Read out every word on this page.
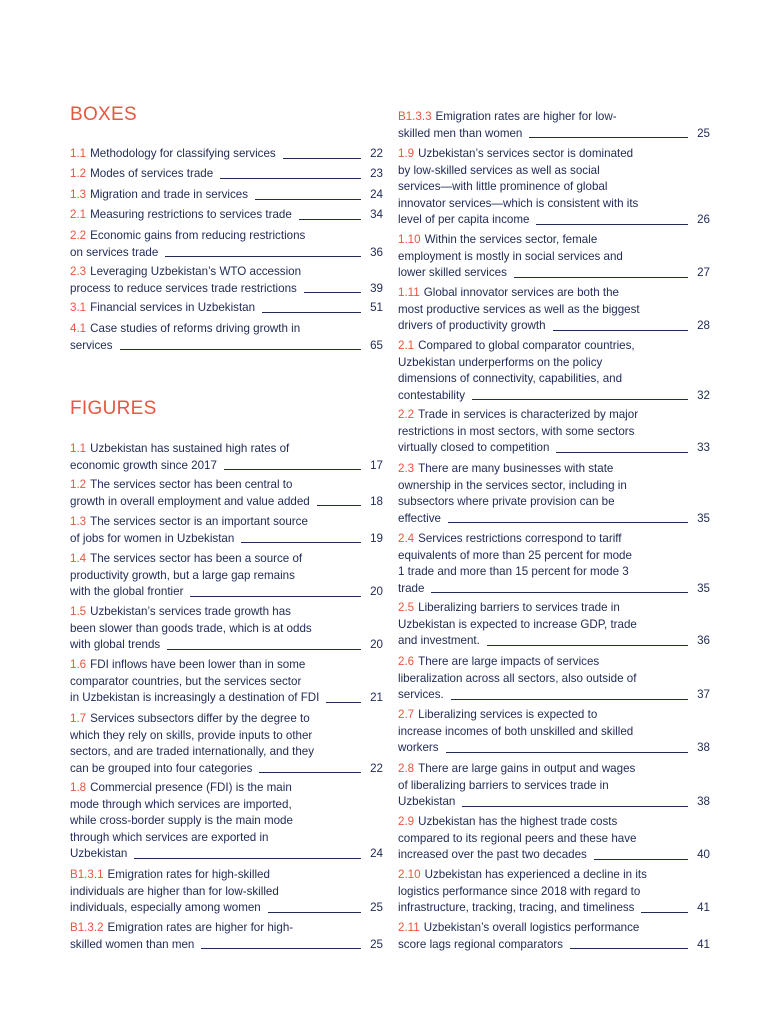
BOXES
FIGURES
1.1 Methodology for classifying services	22
1.2 Modes of services trade	23
1.3 Migration and trade in services	24
2.1 Measuring restrictions to services trade	34
2.2 Economic gains from reducing restrictions
on services trade	36
2.3 Leveraging Uzbekistan’s WTO accession
process to reduce services trade restrictions	39
3.1 Financial services in Uzbekistan	51
4.1 Case studies of reforms driving growth in
services	65
1.1 Uzbekistan has sustained high rates of
economic growth since 2017	17
1.2 The services sector has been central to
growth in overall employment and value added	18
1.3 The services sector is an important source
of jobs for women in Uzbekistan	19
1.4 The services sector has been a source of
productivity growth, but a large gap remains
with the global frontier	20
1.5 Uzbekistan’s services trade growth has
been slower than goods trade, which is at odds
with global trends	20
1.6 FDI inflows have been lower than in some
comparator countries, but the services sector
in Uzbekistan is increasingly a destination of FDI	21
1.7 Services subsectors differ by the degree to
which they rely on skills, provide inputs to other
sectors, and are traded internationally, and they
can be grouped into four categories	22
1.8 Commercial presence (FDI) is the main
mode through which services are imported,
while cross-border supply is the main mode
through which services are exported in
Uzbekistan	24
B1.3.1 Emigration rates for high-skilled
individuals are higher than for low-skilled
individuals, especially among women	25
B1.3.2 Emigration rates are higher for high-
skilled women than men	25
B1.3.3 Emigration rates are higher for low-
skilled men than women	25
1.9 Uzbekistan’s services sector is dominated
by low-skilled services as well as social
services—with little prominence of global
innovator services—which is consistent with its
level of per capita income	26
1.10 Within the services sector, female
employment is mostly in social services and
lower skilled services	27
1.11 Global innovator services are both the
most productive services as well as the biggest
drivers of productivity growth	28
2.1 Compared to global comparator countries,
Uzbekistan underperforms on the policy
dimensions of connectivity, capabilities, and
contestability	32
2.2 Trade in services is characterized by major
restrictions in most sectors, with some sectors
virtually closed to competition	33
2.3 There are many businesses with state
ownership in the services sector, including in
subsectors where private provision can be
effective	35
2.4 Services restrictions correspond to tariff
equivalents of more than 25 percent for mode
1 trade and more than 15 percent for mode 3
trade	35
2.5 Liberalizing barriers to services trade in
Uzbekistan is expected to increase GDP, trade
and investment.	36
2.6 There are large impacts of services
liberalization across all sectors, also outside of
services.	37
2.7 Liberalizing services is expected to
increase incomes of both unskilled and skilled
workers	38
2.8 There are large gains in output and wages
of liberalizing barriers to services trade in
Uzbekistan	38
2.9 Uzbekistan has the highest trade costs
compared to its regional peers and these have
increased over the past two decades	40
2.10 Uzbekistan has experienced a decline in its
logistics performance since 2018 with regard to
infrastructure, tracking, tracing, and timeliness	41
2.11 Uzbekistan’s overall logistics performance
score lags regional comparators	41
